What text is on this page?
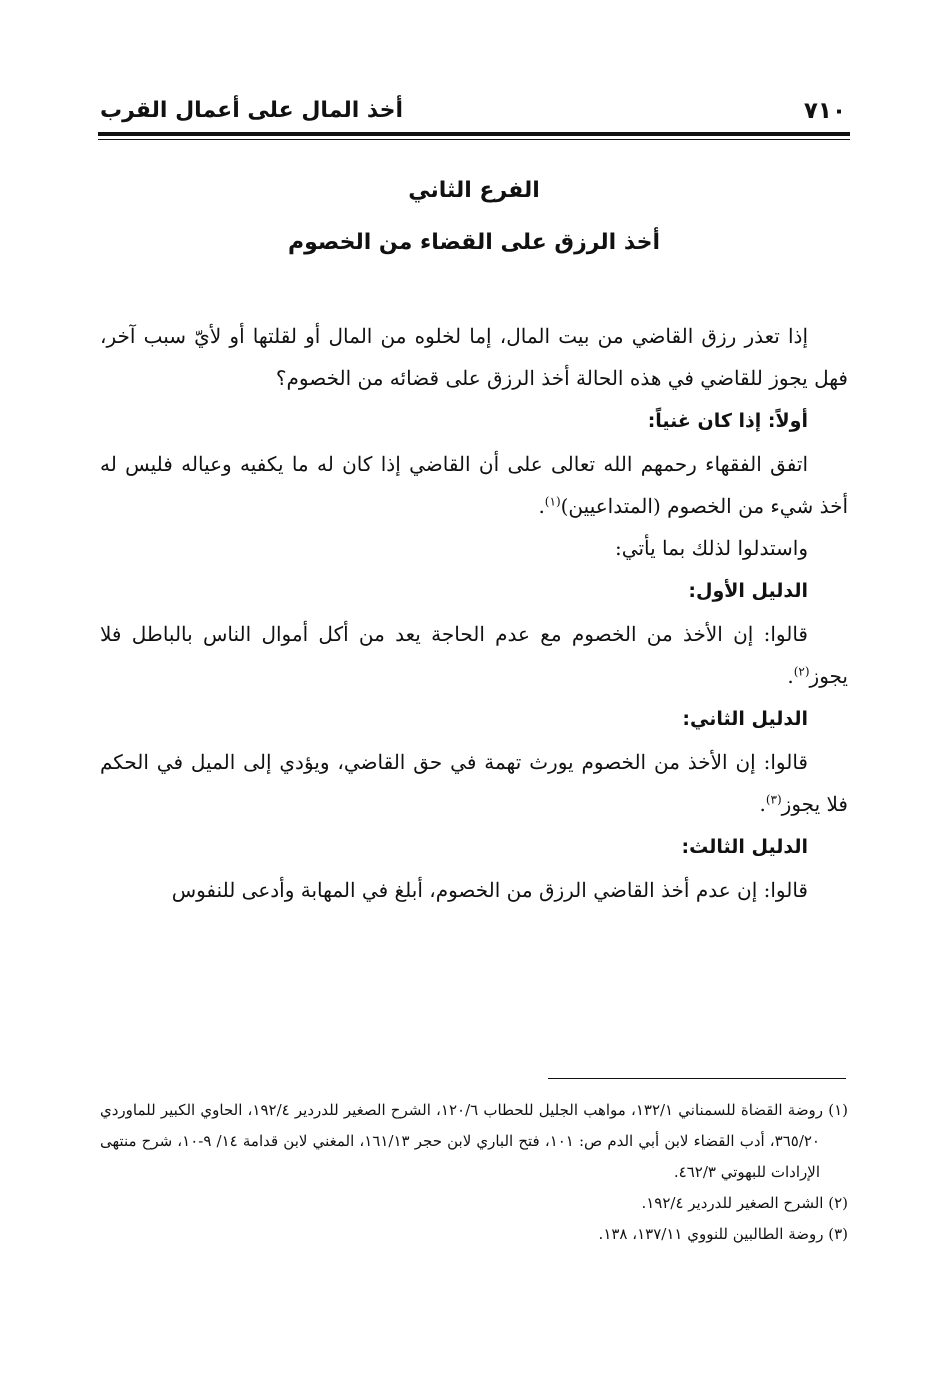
٧١٠
أخذ المال على أعمال القرب
الفرع الثاني
أخذ الرزق على القضاء من الخصوم

إذا تعذر رزق القاضي من بيت المال، إما لخلوه من المال أو لقلتها أو لأيّ سبب آخر، فهل يجوز للقاضي في هذه الحالة أخذ الرزق على قضائه من الخصوم؟

أولاً: إذا كان غنياً:

اتفق الفقهاء رحمهم الله تعالى على أن القاضي إذا كان له ما يكفيه وعياله فليس له أخذ شيء من الخصوم (المتداعيين)$^{(١)}$.

واستدلوا لذلك بما يأتي:

الدليل الأول:

قالوا: إن الأخذ من الخصوم مع عدم الحاجة يعد من أكل أموال الناس بالباطل فلا يجوز$^{(٢)}$.

الدليل الثاني:

قالوا: إن الأخذ من الخصوم يورث تهمة في حق القاضي، ويؤدي إلى الميل في الحكم فلا يجوز$^{(٣)}$.

الدليل الثالث:

قالوا: إن عدم أخذ القاضي الرزق من الخصوم، أبلغ في المهابة وأدعى للنفوس

(١) روضة القضاة للسمناني ١٣٢/١، مواهب الجليل للحطاب ١٢٠/٦، الشرح الصغير للدردير ١٩٢/٤، الحاوي الكبير للماوردي ٣٦٥/٢٠، أدب القضاء لابن أبي الدم ص: ١٠١، فتح الباري لابن حجر ١٦١/١٣، المغني لابن قدامة ١٤/ ٩-١٠، شرح منتهى الإرادات للبهوتي ٤٦٢/٣.

(٢) الشرح الصغير للدردير ١٩٢/٤.

(٣) روضة الطالبين للنووي ١٣٧/١١، ١٣٨.
